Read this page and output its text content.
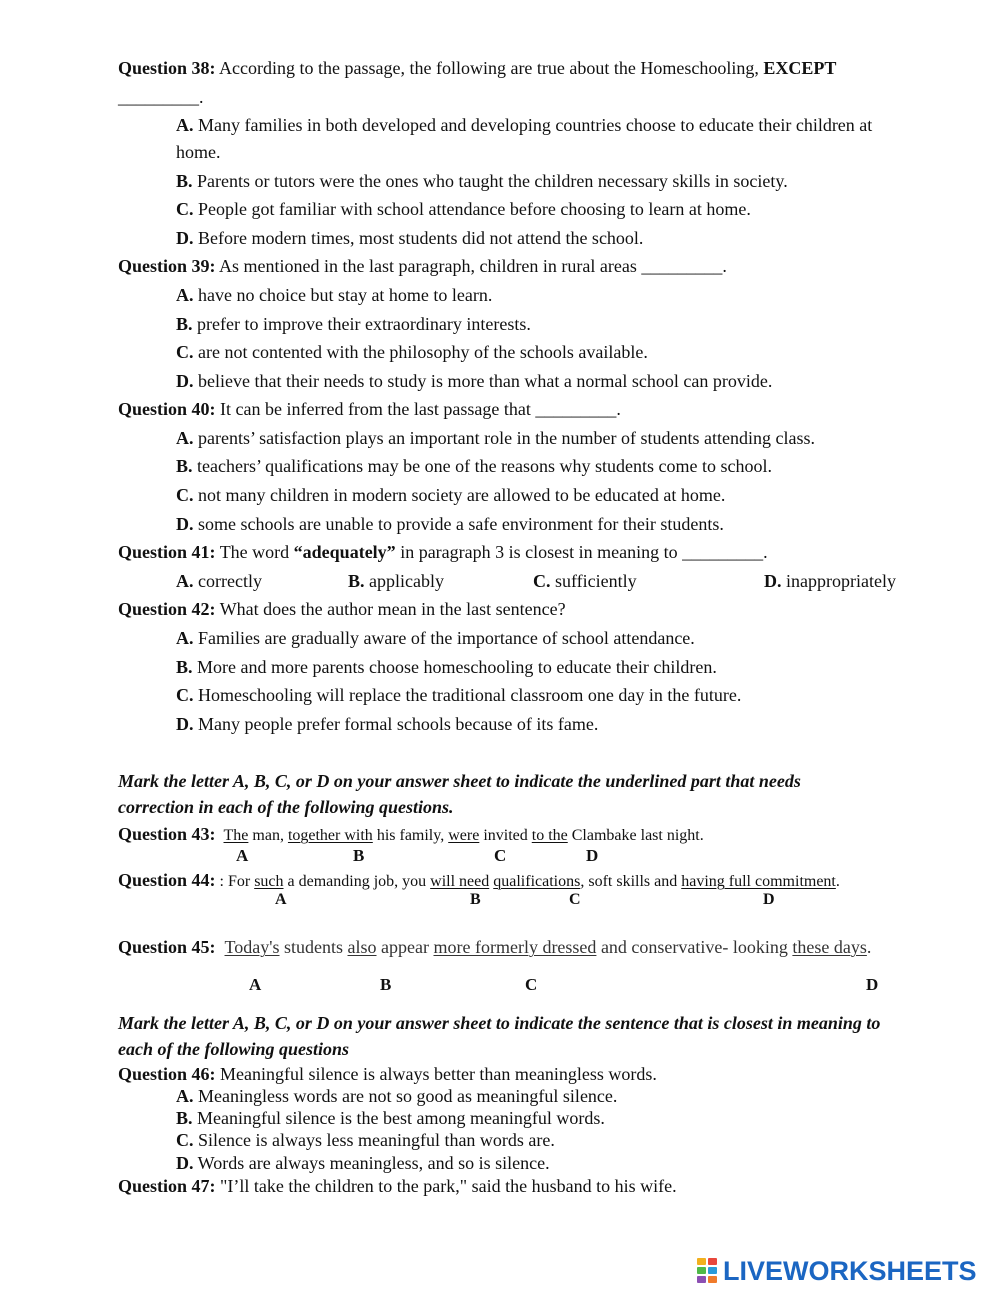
Question 38: According to the passage, the following are true about the Homeschooling, EXCEPT
_________.
A. Many families in both developed and developing countries choose to educate their children at
home.
B. Parents or tutors were the ones who taught the children necessary skills in society.
C. People got familiar with school attendance before choosing to learn at home.
D. Before modern times, most students did not attend the school.
Question 39: As mentioned in the last paragraph, children in rural areas _________.
A. have no choice but stay at home to learn.
B. prefer to improve their extraordinary interests.
C. are not contented with the philosophy of the schools available.
D. believe that their needs to study is more than what a normal school can provide.
Question 40: It can be inferred from the last passage that _________.
A. parents’ satisfaction plays an important role in the number of students attending class.
B. teachers’ qualifications may be one of the reasons why students come to school.
C. not many children in modern society are allowed to be educated at home.
D. some schools are unable to provide a safe environment for their students.
Question 41: The word “adequately” in paragraph 3 is closest in meaning to _________.
A. correctly	B. applicably	C. sufficiently	D. inappropriately
Question 42: What does the author mean in the last sentence?
A. Families are gradually aware of the importance of school attendance.
B. More and more parents choose homeschooling to educate their children.
C. Homeschooling will replace the traditional classroom one day in the future.
D. Many people prefer formal schools because of its fame.
Mark the letter A, B, C, or D on your answer sheet to indicate the underlined part that needs
correction in each of the following questions.
Question 43: The man, together with his family, were invited to the Clambake last night.
A	B	C	D
Question 44: : For such a demanding job, you will need qualifications, soft skills and having full commitment.
A	B	C	D
Question 45: Today's students also appear more formerly dressed and conservative- looking these days.
A	B	C	D
Mark the letter A, B, C, or D on your answer sheet to indicate the sentence that is closest in meaning to
each of the following questions
Question 46: Meaningful silence is always better than meaningless words.
A. Meaningless words are not so good as meaningful silence.
B. Meaningful silence is the best among meaningful words.
C. Silence is always less meaningful than words are.
D. Words are always meaningless, and so is silence.
Question 47: "I’ll take the children to the park," said the husband to his wife.
LIVEWORKSHEETS
